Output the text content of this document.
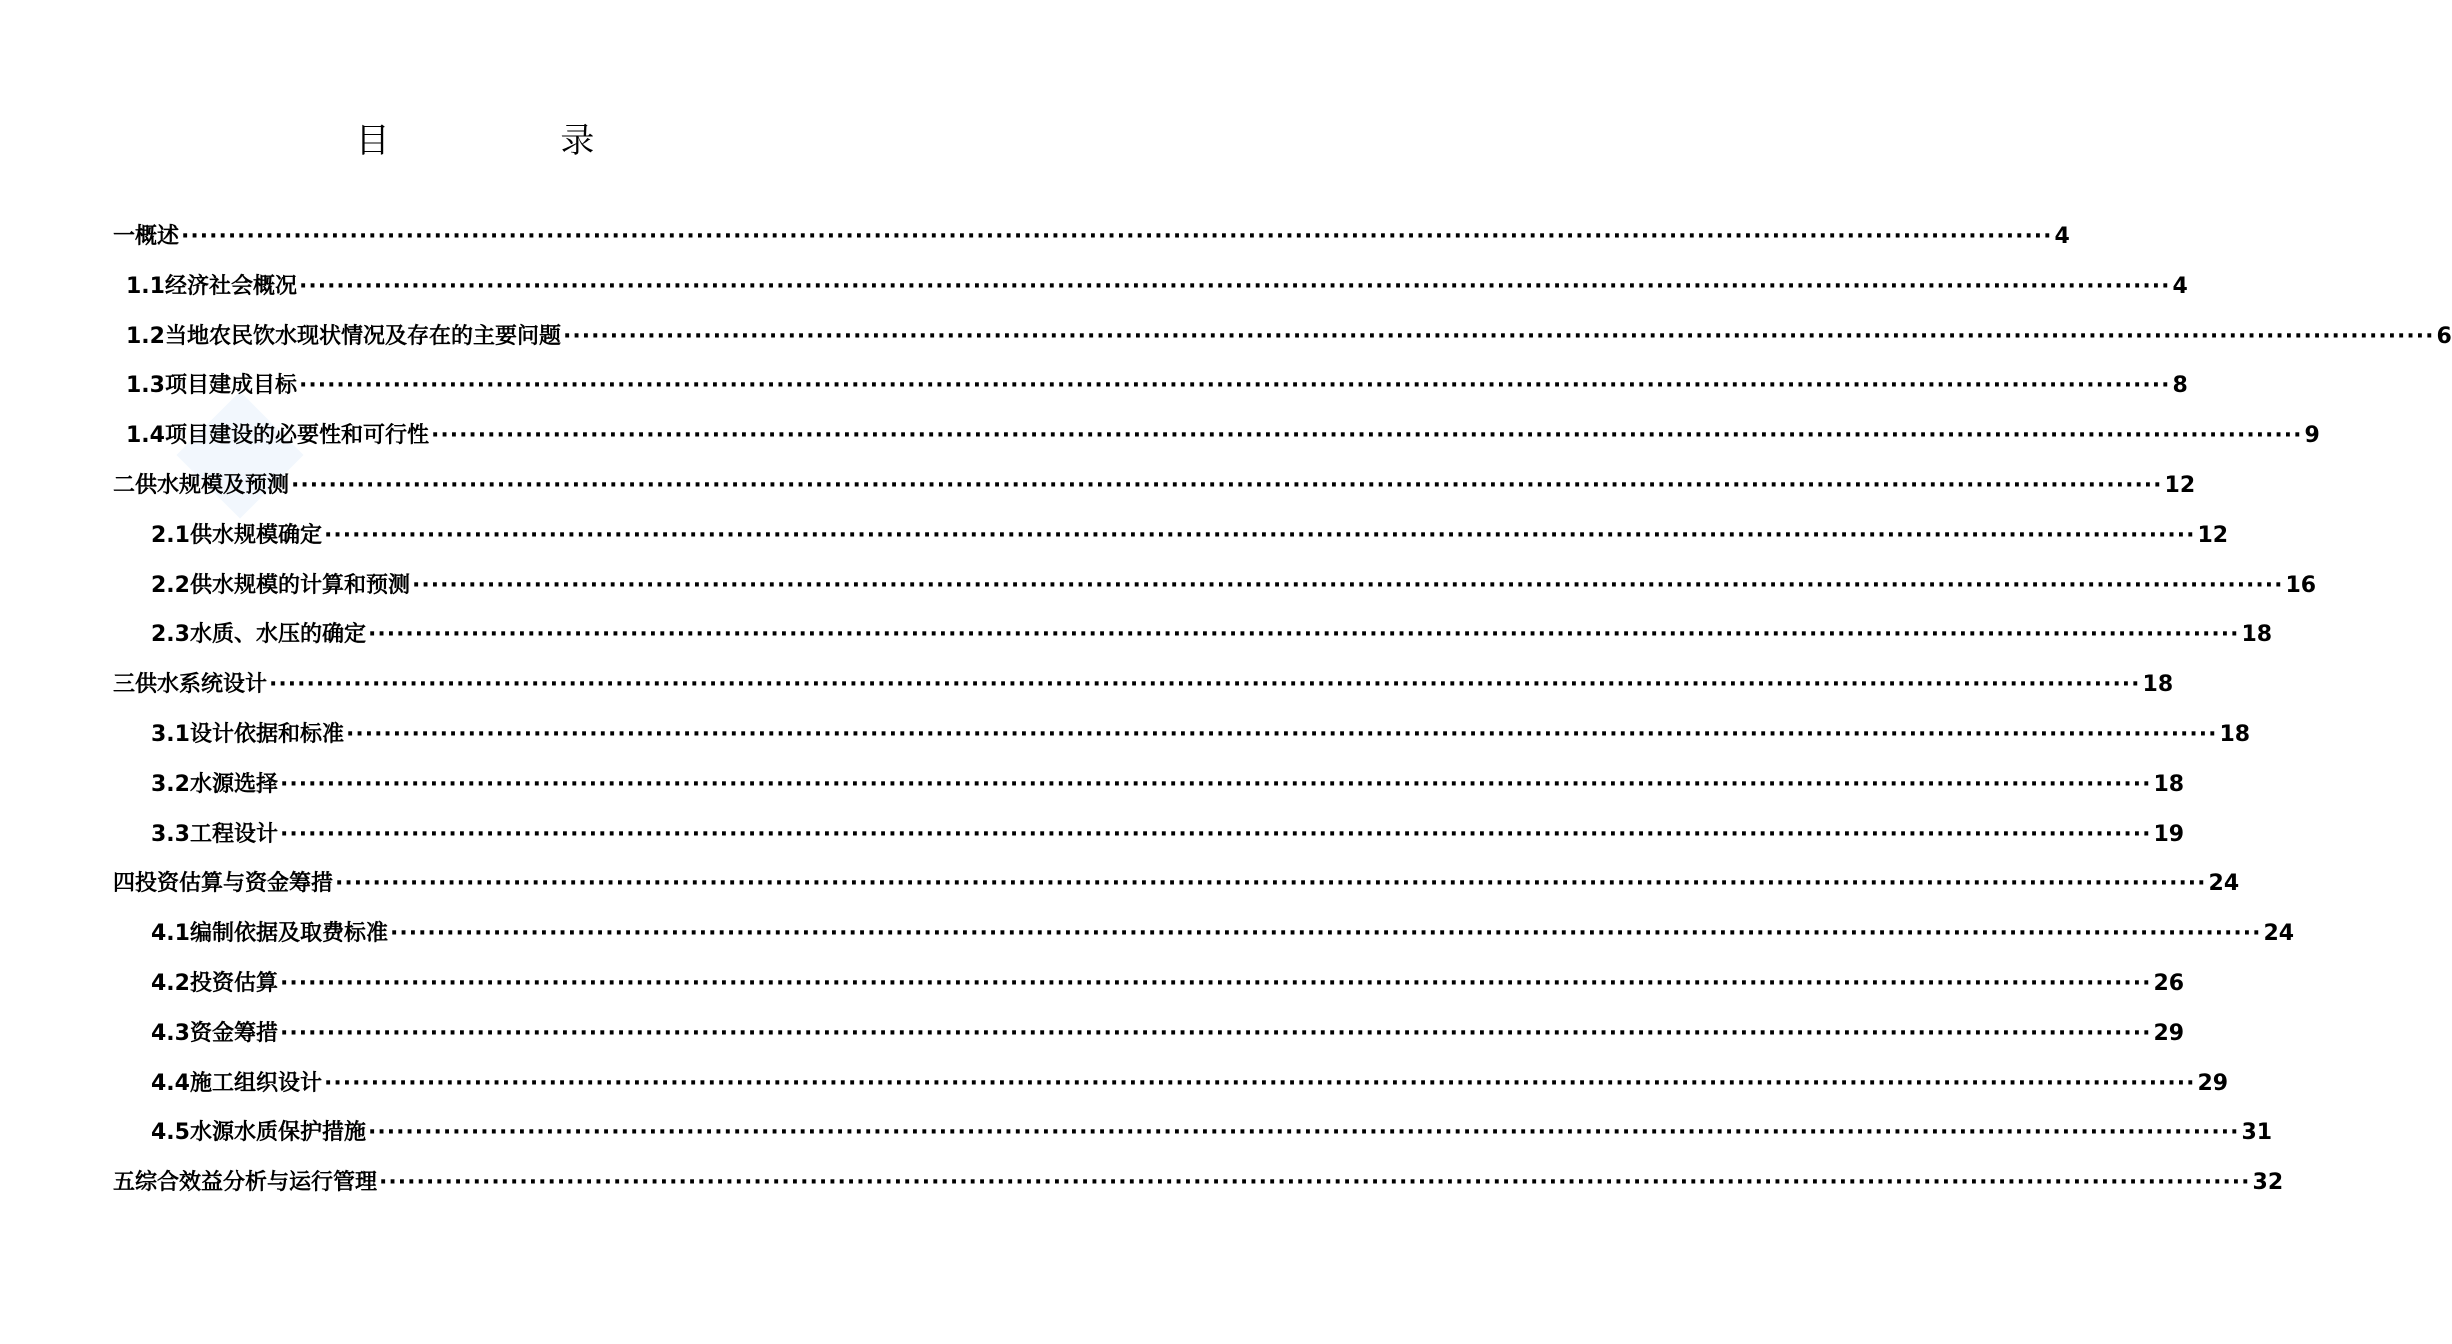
目 录
一 概述 ········································································································································································································ 4
1.1 经济社会概况 ········································································································································································································ 4
1.2 当地农民饮水现状情况及存在的主要问题 ········································································································································································································ 6
1.3 项目建成目标 ········································································································································································································ 8
1.4 项目建设的必要性和可行性 ········································································································································································································ 9
二 供水规模及预测 ········································································································································································································ 12
2.1 供水规模确定 ········································································································································································································ 12
2.2 供水规模的计算和预测 ········································································································································································································ 16
2.3 水质、水压的确定 ········································································································································································································ 18
三 供水系统设计 ········································································································································································································ 18
3.1 设计依据和标准 ········································································································································································································ 18
3.2 水源选择 ········································································································································································································ 18
3.3 工程设计 ········································································································································································································ 19
四 投资估算与资金筹措 ········································································································································································································ 24
4.1 编制依据及取费标准 ········································································································································································································ 24
4.2 投资估算 ········································································································································································································ 26
4.3 资金筹措 ········································································································································································································ 29
4.4 施工组织设计 ········································································································································································································ 29
4.5 水源水质保护措施 ········································································································································································································ 31
五 综合效益分析与运行管理 ········································································································································································································ 32
